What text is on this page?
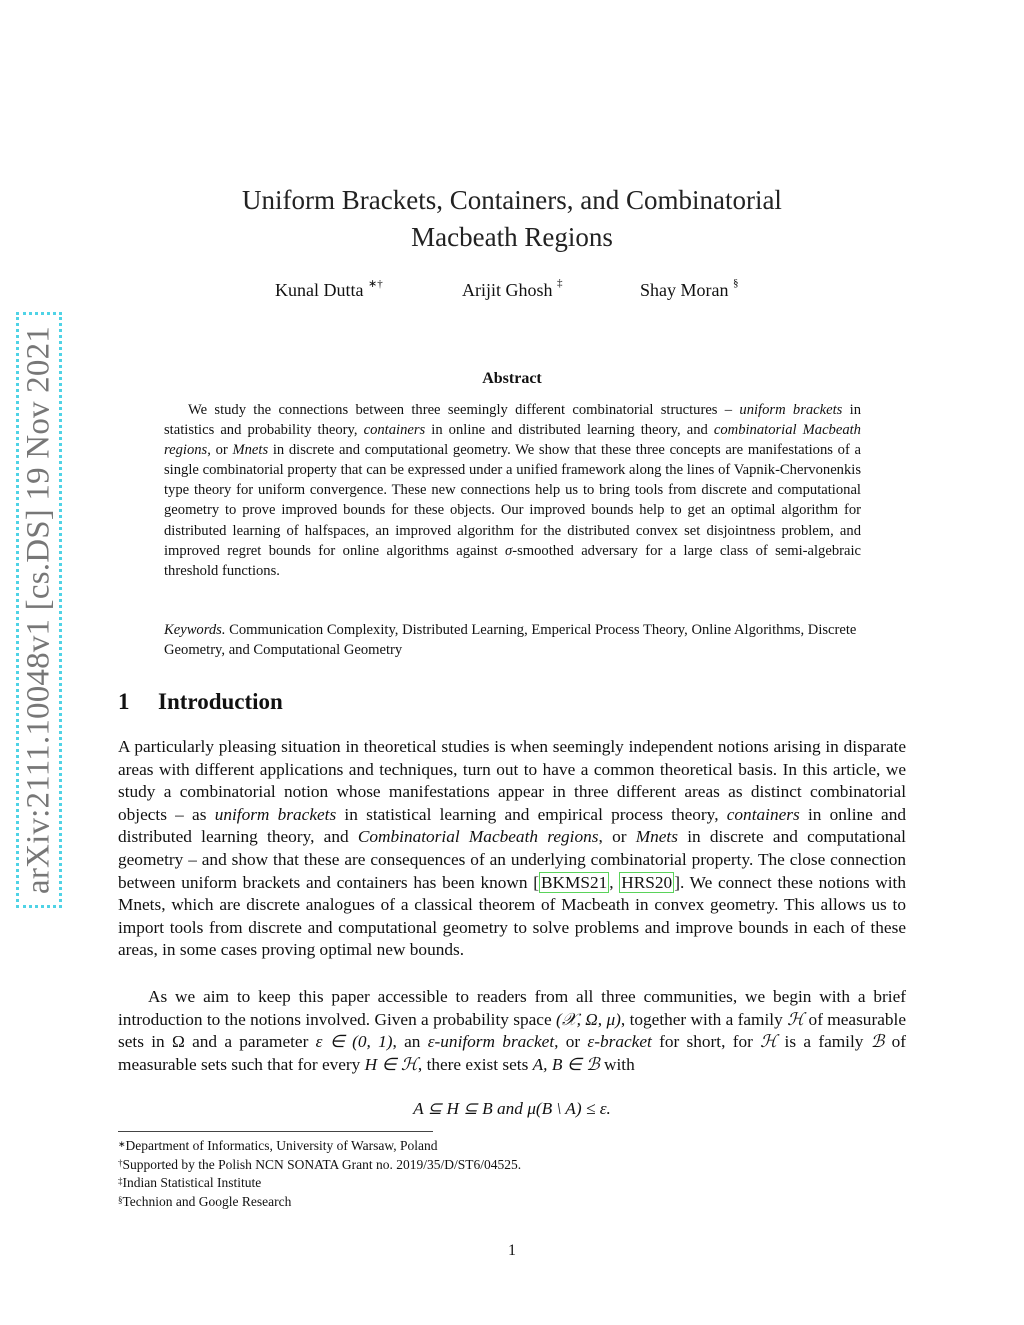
arXiv:2111.10048v1 [cs.DS] 19 Nov 2021
Uniform Brackets, Containers, and Combinatorial
Macbeath Regions
Kunal Dutta ∗†	Arijit Ghosh ‡	Shay Moran §
Abstract

We study the connections between three seemingly different combinatorial structures – uniform brackets in statistics and probability theory, containers in online and distributed learning theory, and combinatorial Macbeath regions, or Mnets in discrete and computational geometry. We show that these three concepts are manifestations of a single combinatorial property that can be expressed under a unified framework along the lines of Vapnik-Chervonenkis type theory for uniform convergence. These new connections help us to bring tools from discrete and computational geometry to prove improved bounds for these objects. Our improved bounds help to get an optimal algorithm for distributed learning of halfspaces, an improved algorithm for the distributed convex set disjointness problem, and improved regret bounds for online algorithms against σ-smoothed adversary for a large class of semi-algebraic threshold functions.

Keywords. Communication Complexity, Distributed Learning, Emperical Process Theory, Online Algorithms, Discrete Geometry, and Computational Geometry

1 Introduction

A particularly pleasing situation in theoretical studies is when seemingly independent notions arising in disparate areas with different applications and techniques, turn out to have a common theoretical basis. In this article, we study a combinatorial notion whose manifestations appear in three different areas as distinct combinatorial objects – as uniform brackets in statistical learning and empirical process theory, containers in online and distributed learning theory, and Combinatorial Macbeath regions, or Mnets in discrete and computational geometry – and show that these are consequences of an underlying combinatorial property. The close connection between uniform brackets and containers has been known [ BKMS21 , HRS20 ]. We connect these notions with Mnets, which are discrete analogues of a classical theorem of Macbeath in convex geometry. This allows us to import tools from discrete and computational geometry to solve problems and improve bounds in each of these areas, in some cases proving optimal new bounds.

As we aim to keep this paper accessible to readers from all three communities, we begin with a brief introduction to the notions involved. Given a probability space (𝒳, Ω, μ), together with a family ℋ of measurable sets in Ω and a parameter ε ∈ (0, 1), an ε-uniform bracket, or ε-bracket for short, for ℋ is a family ℬ of measurable sets such that for every H ∈ ℋ, there exist sets A, B ∈ ℬ with

A ⊆ H ⊆ B and μ(B \ A) ≤ ε.
∗Department of Informatics, University of Warsaw, Poland
†Supported by the Polish NCN SONATA Grant no. 2019/35/D/ST6/04525.
‡Indian Statistical Institute
§Technion and Google Research
1
